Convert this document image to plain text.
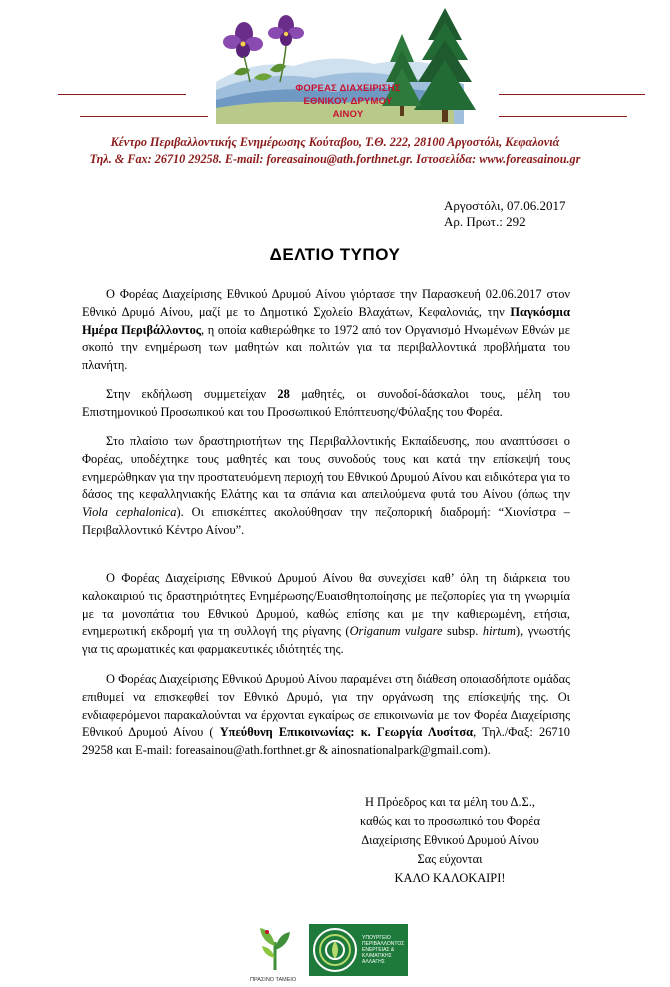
ΦΟΡΕΑΣ ΔΙΑΧΕΙΡΙΣΗΣ
ΕΘΝΙΚΟΥ ΔΡΥΜΟΥ
ΑΙΝΟΥ
Κέντρο Περιβαλλοντικής Ενημέρωσης Κούταβου, Τ.Θ. 222, 28100 Αργοστόλι, Κεφαλονιά
Τηλ. & Fax: 26710 29258. E-mail: foreasainou@ath.forthnet.gr. Ιστοσελίδα: www.foreasainou.gr
Αργοστόλι, 07.06.2017
Αρ. Πρωτ.: 292
ΔΕΛΤΙΟ ΤΥΠΟΥ
Ο Φορέας Διαχείρισης Εθνικού Δρυμού Αίνου γιόρτασε την Παρασκευή 02.06.2017 στον Εθνικό Δρυμό Αίνου, μαζί με το Δημοτικό Σχολείο Βλαχάτων, Κεφαλονιάς, την Παγκόσμια Ημέρα Περιβάλλοντος, η οποία καθιερώθηκε το 1972 από τον Οργανισμό Ηνωμένων Εθνών με σκοπό την ενημέρωση των μαθητών και πολιτών για τα περιβαλλοντικά προβλήματα του πλανήτη.
Στην εκδήλωση συμμετείχαν 28 μαθητές, οι συνοδοί-δάσκαλοι τους, μέλη του Επιστημονικού Προσωπικού και του Προσωπικού Επόπτευσης/Φύλαξης του Φορέα.
Στο πλαίσιο των δραστηριοτήτων της Περιβαλλοντικής Εκπαίδευσης, που αναπτύσσει ο Φορέας, υποδέχτηκε τους μαθητές και τους συνοδούς τους και κατά την επίσκεψή τους ενημερώθηκαν για την προστατευόμενη περιοχή του Εθνικού Δρυμού Αίνου και ειδικότερα για το δάσος της κεφαλληνιακής Ελάτης και τα σπάνια και απειλούμενα φυτά του Αίνου (όπως την Viola cephalonica). Οι επισκέπτες ακολούθησαν την πεζοπορική διαδρομή: “Χιονίστρα – Περιβαλλοντικό Κέντρο Αίνου”.
Ο Φορέας Διαχείρισης Εθνικού Δρυμού Αίνου θα συνεχίσει καθ’ όλη τη διάρκεια του καλοκαιριού τις δραστηριότητες Ενημέρωσης/Ευαισθητοποίησης με πεζοπορίες για τη γνωριμία με τα μονοπάτια του Εθνικού Δρυμού, καθώς επίσης και με την καθιερωμένη, ετήσια, ενημερωτική εκδρομή για τη συλλογή της ρίγανης (Origanum vulgare subsp. hirtum), γνωστής για τις αρωματικές και φαρμακευτικές ιδιότητές της.
Ο Φορέας Διαχείρισης Εθνικού Δρυμού Αίνου παραμένει στη διάθεση οποιασδήποτε ομάδας επιθυμεί να επισκεφθεί τον Εθνικό Δρυμό, για την οργάνωση της επίσκεψής της. Οι ενδιαφερόμενοι παρακαλούνται να έρχονται εγκαίρως σε επικοινωνία με τον Φορέα Διαχείρισης Εθνικού Δρυμού Αίνου ( Υπεύθυνη Επικοινωνίας: κ. Γεωργία Λυσίτσα, Τηλ./Φαξ: 26710 29258 και E-mail: foreasainou@ath.forthnet.gr & ainosnationalpark@gmail.com).
Η Πρόεδρος και τα μέλη του Δ.Σ.,
καθώς και το προσωπικό του Φορέα
Διαχείρισης Εθνικού Δρυμού Αίνου
Σας εύχονται
ΚΑΛΟ ΚΑΛΟΚΑΙΡΙ!
ΠΡΑΣΙΝΟ ΤΑΜΕΙΟ
ΥΠΟΥΡΓΕΙΟ ΠΕΡΙΒΑΛΛΟΝΤΟΣ ΕΝΕΡΓΕΙΑΣ & ΚΛΙΜΑΤΙΚΗΣ ΑΛΛΑΓΗΣ
